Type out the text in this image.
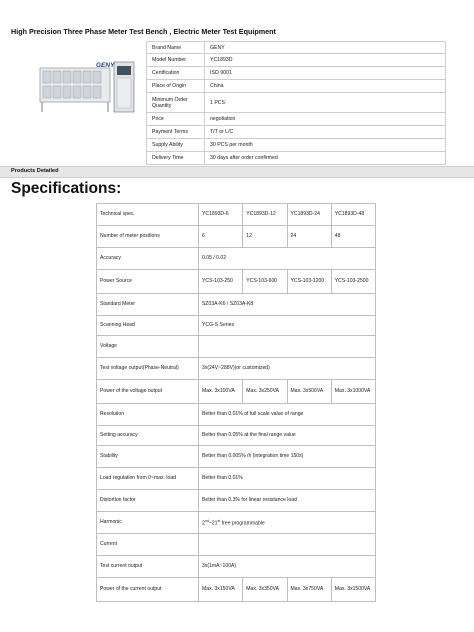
High Precision Three Phase Meter Test Bench , Electric Meter Test Equipment
GENY
Brand Name	GENY
Model Number	YC1893D
Certification	ISO 9001
Place of Origin	China
Minimum Order Quantity	1 PCS
Price	negotiation
Payment Terms	T/T or L/C
Supply Ability	30 PCS per month
Delivery Time	30 days after order confirmed
Products Detailed
Specifications:
Technical spec.	YC1893D-6	YC1893D-12	YC1893D-24	YC1893D-48
Number of meter positions	6	12	24	48
Accuracy	0.05 / 0.02			
Power Source	YCS-103-250	YCS-103-600	YCS-103-1200	YCS-103-2500
Standard Meter	SZ03A-K6 / SZ03A-K8			
Scanning Head	YCG-S Series			
Voltage				
Test voltage output(Phase-Neutral)	3x(24V~288V)(or customized)			
Power of the voltage output	Max. 3x100VA	Max. 3x250VA	Max. 3x500VA	Max. 3x1000VA
Resolution	Better than 0.01% of full scale value of range			
Setting accuracy	Better than 0.05% at the final range value			
Stability	Better than 0.005% /h (integration time 150s)			
Load regulation from 0~max. load	Better than 0.01%			
Distortion factor	Better than 0.3% for linear resistance load			
Harmonic	2nd~21st free programmable			
Current				
Test current output	3x(1mA~100A)			
Power of the current output	Max. 3x150VA	Max. 3x350VA	Max. 3x750VA	Max. 3x1500VA
